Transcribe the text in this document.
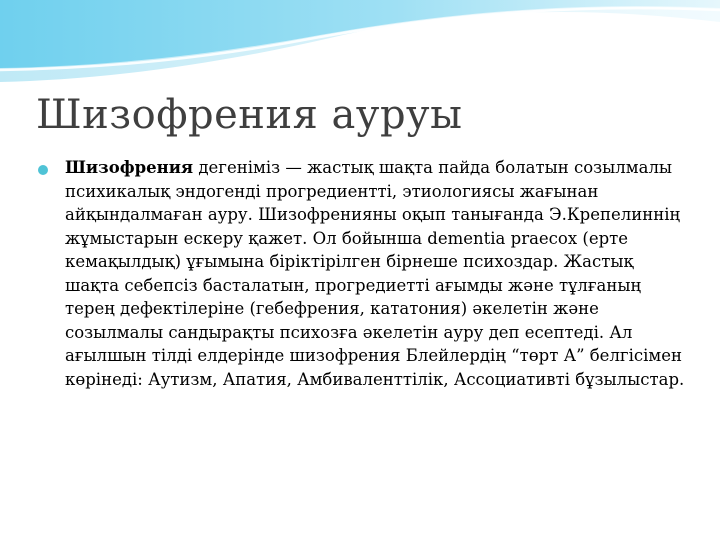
Шизофрения ауруы
Шизофрения дегеніміз — жастық шақта пайда болатын созылмалы психикалық эндогенді прогредиентті, этиологиясы жағынан айқындалмаған ауру. Шизофренияны оқып танығанда Э.Крепелиннің жұмыстарын ескеру қажет. Ол бойынша dementia praecox (ерте кемақылдық) ұғымына біріктірілген бірнеше психоздар. Жастық шақта себепсіз басталатын, прогредиетті ағымды және тұлғаның терең дефектілеріне (гебефрения, кататония) әкелетін және созылмалы сандырақты психозға әкелетін ауру деп есептеді. Ал ағылшын тілді елдерінде шизофрения Блейлердің “төрт А” белгісімен көрінеді: Аутизм, Апатия, Амбиваленттілік, Ассоциативті бұзылыстар.
